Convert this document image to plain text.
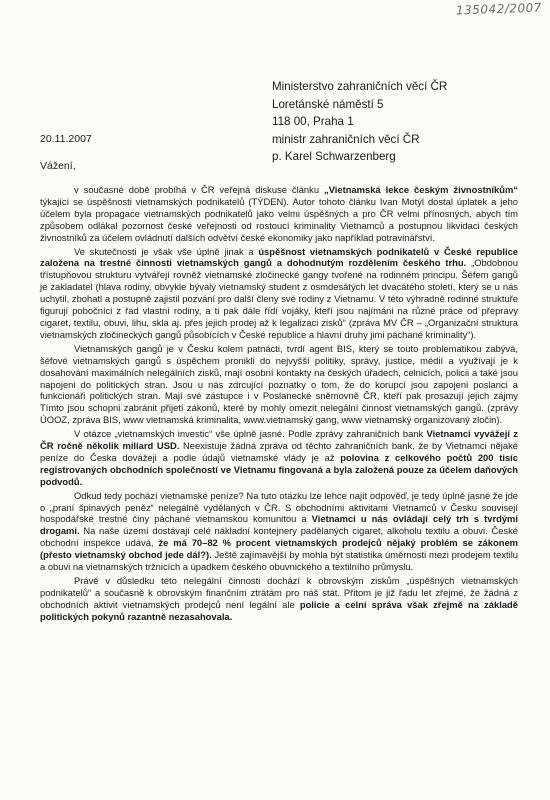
135042/2007
Ministerstvo zahraničních věcí ČR
Loretánské náměstí 5
118 00, Praha 1
ministr zahraničních věcí ČR
p. Karel Schwarzenberg
20.11.2007
Vážení,

v současné době probíhá v ČR veřejná diskuse článku „Vietnamská lekce českým živnostníkům“ týkající se úspěšnosti vietnamských podnikatelů (TÝDEN). Autor tohoto článku Ivan Motýl dostal úplatek a jeho účelem byla propagace vietnamských podnikatelů jako velmi úspěšných a pro ČR velmi přínosných, abych tím způsobem odlákal pozornost české veřejnosti od rostoucí kriminality Vietnamců a postupnou likvidaci českých živnostníků za účelem ovládnutí dalších odvětví české ekonomiky jako například potravinářství.

Ve skutečnosti je však vše úplně jinak a úspěšnost vietnamských podnikatelů v České republice založena na trestné činnosti vietnamských gangů a dohodnutým rozdělením českého trhu. „Obdobnou třístupňovou strukturu vytvářejí rovněž vietnamské zločinecké gangy tvořené na rodinném principu. Šéfem gangů je zakladatel (hlava rodiny, obvykle bývalý vietnamský student z osmdesátých let dvacátého století, který se u nás uchytil, zbohatl a postupně zajistil pozvání pro další členy své rodiny z Vietnamu. V této výhradně rodinné struktuře figurují pobočníci z řad vlastní rodiny, a ti pak dále řídí vojáky, kteří jsou najímáni na různé práce od přepravy cigaret, textilu, obuvi, lihu, skla aj. přes jejich prodej až k legalizaci zisků“ (zpráva MV ČR – „Organizační struktura vietnamských zločineckých gangů působících v České republice a hlavní druhy jimi páchané kriminality“).

Vietnamských gangů je v Česku kolem patnácti, tvrdí agent BIS, který se touto problematikou zabývá, šéfové vietnamských gangů s úspěchem pronikli do nejvyšší politiky, správy, justice, médií a využívají je k dosahování maximálních nelegálních zisků, mají osobní kontakty na českých úřadech, celnicích, policii a také jsou napojeni do politických stran. Jsou u nás zdrcující poznatky o tom, že do korupcí jsou zapojeni poslanci a funkcionáři politických stran. Mají své zástupce i v Poslanecké sněmovně ČR, kteří pak prosazují jejich zájmy Tímto jsou schopni zabránit přijetí zákonů, které by mohly omezit nelegální činnost vietnamských gangů. (zprávy ÚOOZ, zpráva BIS, www vietnamská kriminalita, www.vietnamský gang, www vietnamský organizovaný zločin).

V otázce „vietnamských investic“ vše úplně jasné. Podle zprávy zahraničních bank Vietnamci vyvážejí z ČR ročně několik miliard USD. Neexistuje žádná zpráva od těchto zahraničních bank, že by Vietnamci nějaké peníze do Česka dovážeji a podle údajů vietnamské vlády je až polovina z celkového počtů 200 tisíc registrovaných obchodních společností ve Vietnamu fingovaná a byla založená pouze za účelem daňových podvodů.

Odkud tedy pochází vietnamské peníze? Na tuto otázku lze lehce najít odpověď, je tedy úplně jasné že jde o „praní špinavých peněz“ nelegálně vydělaných v ČR. S obchodními aktivitami Vietnamců v Česku souvisejí hospodářské trestné činy páchané vietnamskou komunitou a Vietnamci u nás ovládají celý trh s tvrdými drogami. Na naše území dostávají celé nákladní kontejnery padělaných cigaret, alkoholu textilu a obuvi. České obchodní inspekce udává, že má 70–82 % procent vietnamských prodejců nějaký problém se zákonem (přesto vietnamský obchod jede dál?). Ještě zajímavější by mohla být statistika úměrnosti mezi prodejem textilu a obuvi na vietnamských tržnicích a úpadkem českého obuvnického a textilního průmyslu.

Právě v důsledku této nelegální činnosti dochází k obrovským ziskům „úspěšných vietnamských podnikatelů“ a současně k obrovským finančním ztrátám pro náš stát. Přitom je již řadu let zřejmé, že žádná z obchodních aktivit vietnamských prodejců není legální ale policie a celní správa však zřejmě na základě politických pokynů razantně nezasahovala.
